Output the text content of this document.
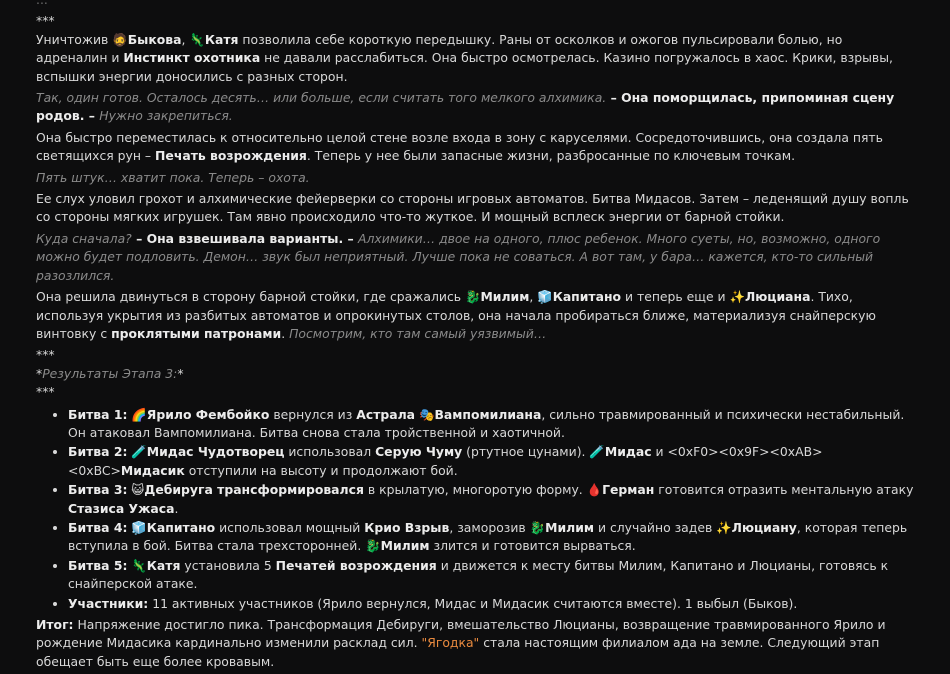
***

Уничтожив 🧔Быкова, 🦎Катя позволила себе короткую передышку. Раны от осколков и ожогов пульсировали болью, но адреналин и Инстинкт охотника не давали расслабиться. Она быстро осмотрелась. Казино погружалось в хаос. Крики, взрывы, вспышки энергии доносились с разных сторон.

Так, один готов. Осталось десять… или больше, если считать того мелкого алхимика. – Она поморщилась, припоминая сцену родов. – Нужно закрепиться.

Она быстро переместилась к относительно целой стене возле входа в зону с каруселями. Сосредоточившись, она создала пять светящихся рун – Печать возрождения. Теперь у нее были запасные жизни, разбросанные по ключевым точкам.

Пять штук… хватит пока. Теперь – охота.

Ее слух уловил грохот и алхимические фейерверки со стороны игровых автоматов. Битва Мидасов. Затем – леденящий душу вопль со стороны мягких игрушек. Там явно происходило что-то жуткое. И мощный всплеск энергии от барной стойки.

Куда сначала? – Она взвешивала варианты. – Алхимики… двое на одного, плюс ребенок. Много суеты, но, возможно, одного можно будет подловить. Демон… звук был неприятный. Лучше пока не соваться. А вот там, у бара… кажется, кто-то сильный разозлился.

Она решила двинуться в сторону барной стойки, где сражались 🐉Милим, 🧊Капитано и теперь еще и ✨Люциана. Тихо, используя укрытия из разбитых автоматов и опрокинутых столов, она начала пробираться ближе, материализуя снайперскую винтовку с проклятыми патронами. Посмотрим, кто там самый уязвимый…

***

*Результаты Этапа 3:*

***

• Битва 1: 🌈Ярило Фембойко вернулся из Астрала 🎭Вампомилиана, сильно травмированный и психически нестабильный. Он атаковал Вампомилиана. Битва снова стала тройственной и хаотичной.
• Битва 2: 🧪Мидас Чудотворец использовал Серую Чуму (ртутное цунами). 🧪Мидас и <0xF0><0x9F><0xAB><0xBC>Мидасик отступили на высоту и продолжают бой.
• Битва 3: 😺Дебируга трансформировался в крылатую, многоротую форму. 🩸Герман готовится отразить ментальную атаку Стазиса Ужаса.
• Битва 4: 🧊Капитано использовал мощный Крио Взрыв, заморозив 🐉Милим и случайно задев ✨Люциану, которая теперь вступила в бой. Битва стала трехсторонней. 🐉Милим злится и готовится вырваться.
• Битва 5: 🦎Катя установила 5 Печатей возрождения и движется к месту битвы Милим, Капитано и Люцианы, готовясь к снайперской атаке.
• Участники: 11 активных участников (Ярило вернулся, Мидас и Мидасик считаются вместе). 1 выбыл (Быков).

Итог: Напряжение достигло пика. Трансформация Дебируги, вмешательство Люцианы, возвращение травмированного Ярило и рождение Мидасика кардинально изменили расклад сил. "Ягодка" стала настоящим филиалом ада на земле. Следующий этап обещает быть еще более кровавым.
